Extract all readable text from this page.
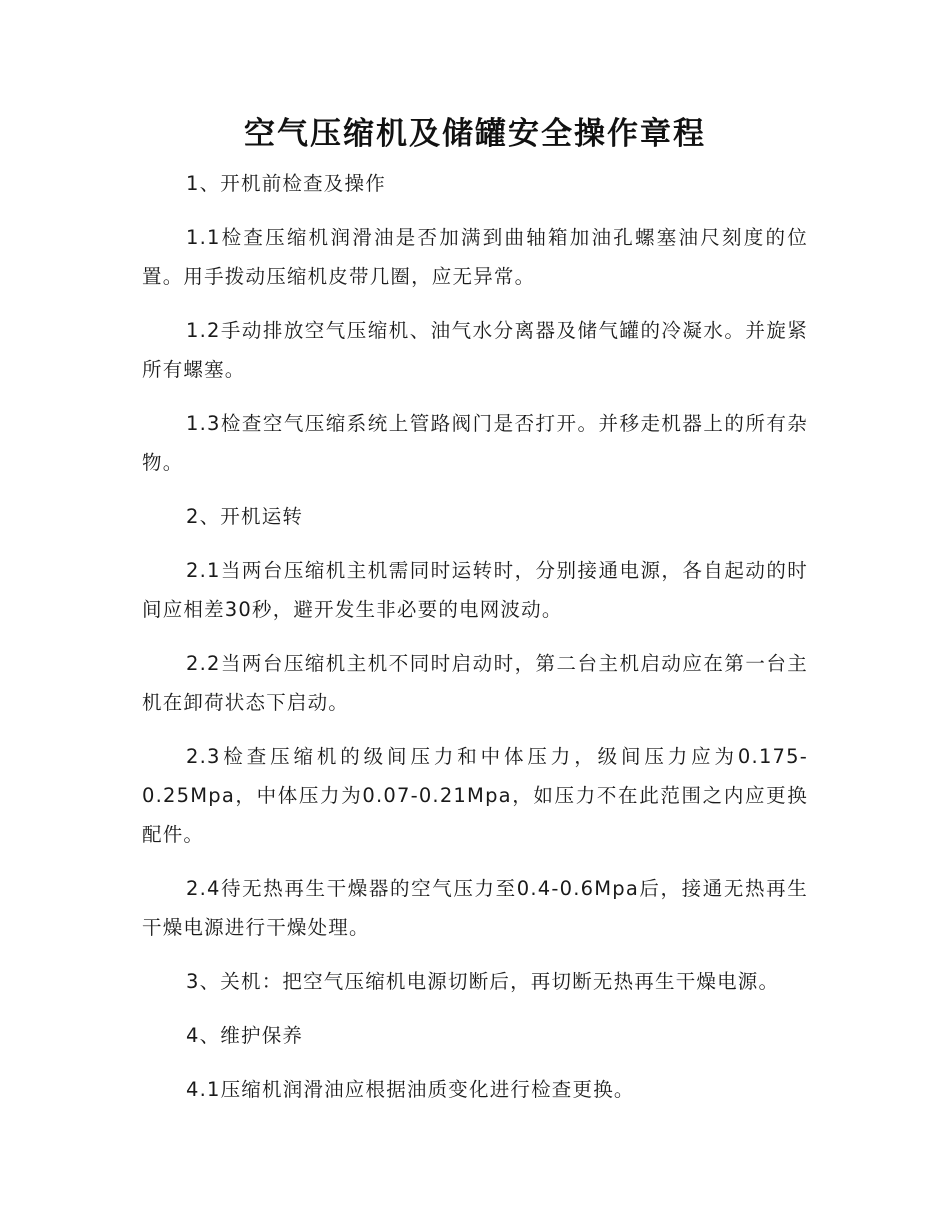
空气压缩机及储罐安全操作章程

1、开机前检查及操作

1.1检查压缩机润滑油是否加满到曲轴箱加油孔螺塞油尺刻度的位置。用手拨动压缩机皮带几圈，应无异常。

1.2手动排放空气压缩机、油气水分离器及储气罐的冷凝水。并旋紧所有螺塞。

1.3检查空气压缩系统上管路阀门是否打开。并移走机器上的所有杂物。

2、开机运转

2.1当两台压缩机主机需同时运转时，分别接通电源，各自起动的时间应相差30秒，避开发生非必要的电网波动。

2.2当两台压缩机主机不同时启动时，第二台主机启动应在第一台主机在卸荷状态下启动。

2.3检查压缩机的级间压力和中体压力，级间压力应为0.175-0.25Mpa，中体压力为0.07-0.21Mpa，如压力不在此范围之内应更换配件。

2.4待无热再生干燥器的空气压力至0.4-0.6Mpa后，接通无热再生干燥电源进行干燥处理。

3、关机：把空气压缩机电源切断后，再切断无热再生干燥电源。

4、维护保养

4.1压缩机润滑油应根据油质变化进行检查更换。
